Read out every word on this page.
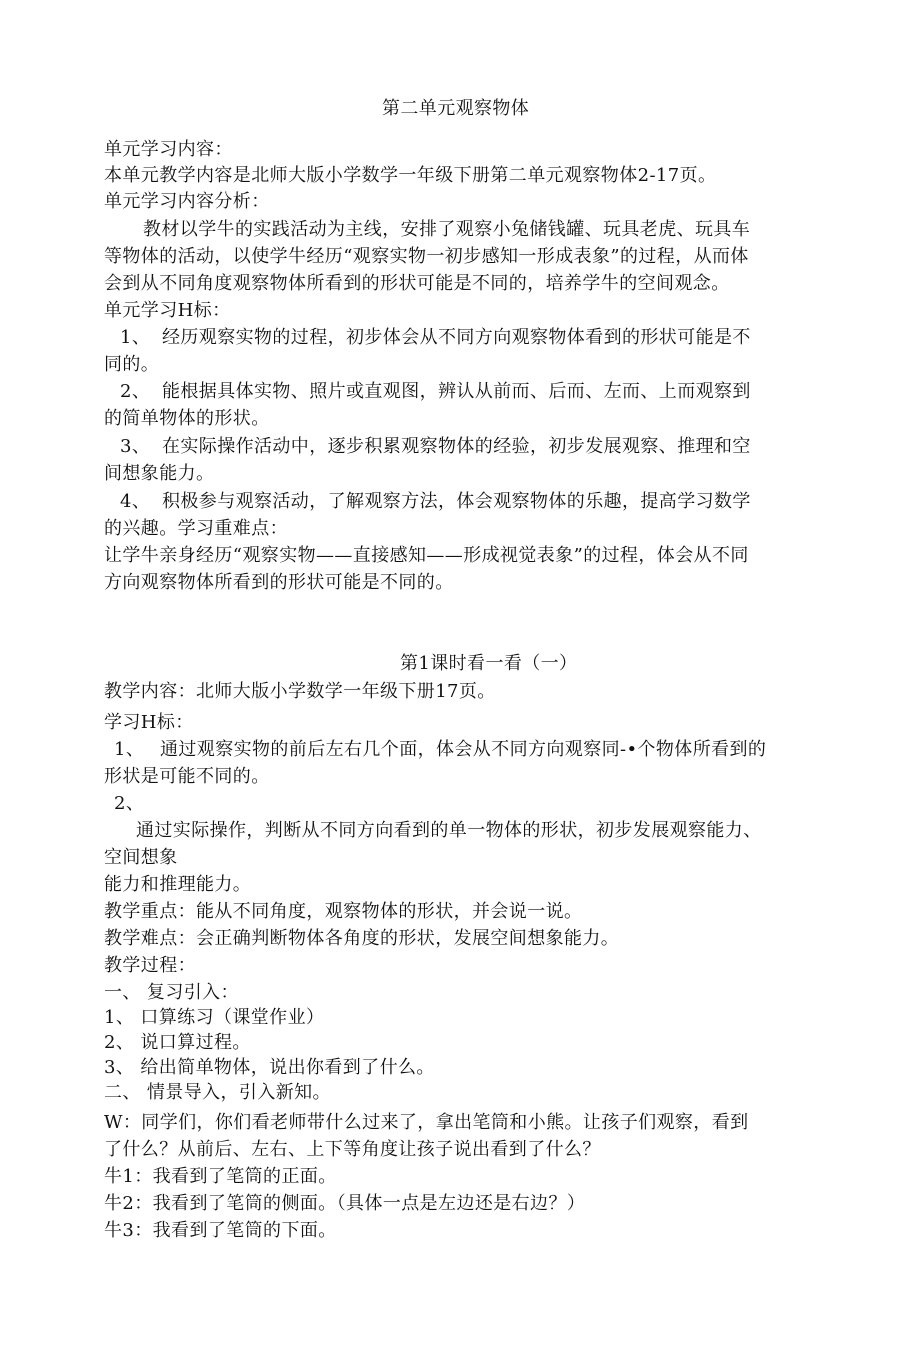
第二单元观察物体
单元学习内容：
本单元教学内容是北师大版小学数学一年级下册第二单元观察物体2-17页。
单元学习内容分析：
教材以学牛的实践活动为主线，安排了观察小兔储钱罐、玩具老虎、玩具车
等物体的活动，以使学牛经历“观察实物一初步感知一形成表象”的过程，从而体
会到从不同角度观察物体所看到的形状可能是不同的，培养学牛的空间观念。
单元学习H标：
1、 经历观察实物的过程，初步体会从不同方向观察物体看到的形状可能是不
同的。
2、 能根据具体实物、照片或直观图，辨认从前而、后而、左而、上而观察到
的简单物体的形状。
3、 在实际操作活动中，逐步积累观察物体的经验，初步发展观察、推理和空
间想象能力。
4、 积极参与观察活动，了解观察方法，体会观察物体的乐趣，提高学习数学
的兴趣。学习重难点：
让学牛亲身经历“观察实物——直接感知——形成视觉表象”的过程，体会从不同
方向观察物体所看到的形状可能是不同的。
第1课时看一看（一）
教学内容：北师大版小学数学一年级下册17页。
学习H标：
1、 通过观察实物的前后左右几个面，体会从不同方向观察同-•个物体所看到的
形状是可能不同的。
2、
通过实际操作，判断从不同方向看到的单一物体的形状，初步发展观察能力、
空间想象
能力和推理能力。
教学重点：能从不同角度，观察物体的形状，并会说一说。
教学难点：会正确判断物体各角度的形状，发展空间想象能力。
教学过程：
一、 复习引入：
1、 口算练习（课堂作业）
2、 说口算过程。
3、 给出简单物体，说出你看到了什么。
二、 情景导入，引入新知。
W：同学们，你们看老师带什么过来了，拿出笔筒和小熊。让孩子们观察，看到
了什么？从前后、左右、上下等角度让孩子说出看到了什么？
牛1：我看到了笔筒的正面。
牛2：我看到了笔筒的侧面。（具体一点是左边还是右边？）
牛3：我看到了笔筒的下面。
